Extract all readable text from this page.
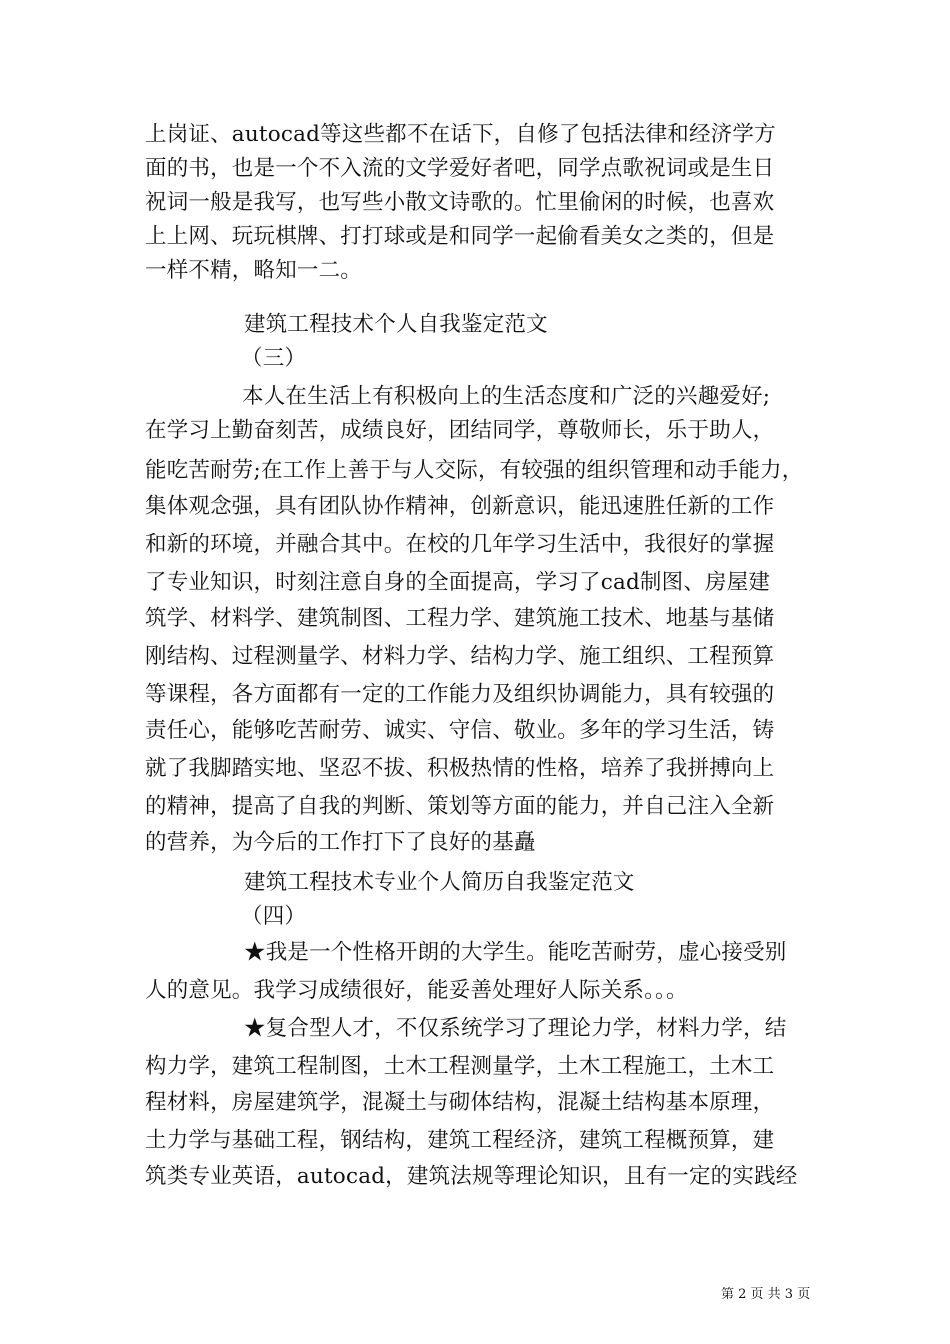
上岗证、autocad等这些都不在话下，自修了包括法律和经济学方
面的书，也是一个不入流的文学爱好者吧，同学点歌祝词或是生日
祝词一般是我写，也写些小散文诗歌的。忙里偷闲的时候，也喜欢
上上网、玩玩棋牌、打打球或是和同学一起偷看美女之类的，但是
一样不精，略知一二。
建筑工程技术个人自我鉴定范文
（三）
本人在生活上有积极向上的生活态度和广泛的兴趣爱好;
在学习上勤奋刻苦，成绩良好，团结同学，尊敬师长，乐于助人，
能吃苦耐劳;在工作上善于与人交际，有较强的组织管理和动手能力，
集体观念强，具有团队协作精神，创新意识，能迅速胜任新的工作
和新的环境，并融合其中。在校的几年学习生活中，我很好的掌握
了专业知识，时刻注意自身的全面提高，学习了cad制图、房屋建
筑学、材料学、建筑制图、工程力学、建筑施工技术、地基与基储
刚结构、过程测量学、材料力学、结构力学、施工组织、工程预算
等课程，各方面都有一定的工作能力及组织协调能力，具有较强的
责任心，能够吃苦耐劳、诚实、守信、敬业。多年的学习生活，铸
就了我脚踏实地、坚忍不拔、积极热情的性格，培养了我拼搏向上
的精神，提高了自我的判断、策划等方面的能力，并自己注入全新
的营养，为今后的工作打下了良好的基矗
建筑工程技术专业个人简历自我鉴定范文
（四）
★我是一个性格开朗的大学生。能吃苦耐劳，虚心接受别
人的意见。我学习成绩很好，能妥善处理好人际关系。。。
★复合型人才，不仅系统学习了理论力学，材料力学，结
构力学，建筑工程制图，土木工程测量学，土木工程施工，土木工
程材料，房屋建筑学，混凝土与砌体结构，混凝土结构基本原理，
土力学与基础工程，钢结构，建筑工程经济，建筑工程概预算，建
筑类专业英语，autocad，建筑法规等理论知识，且有一定的实践经
第 2 页 共 3 页
